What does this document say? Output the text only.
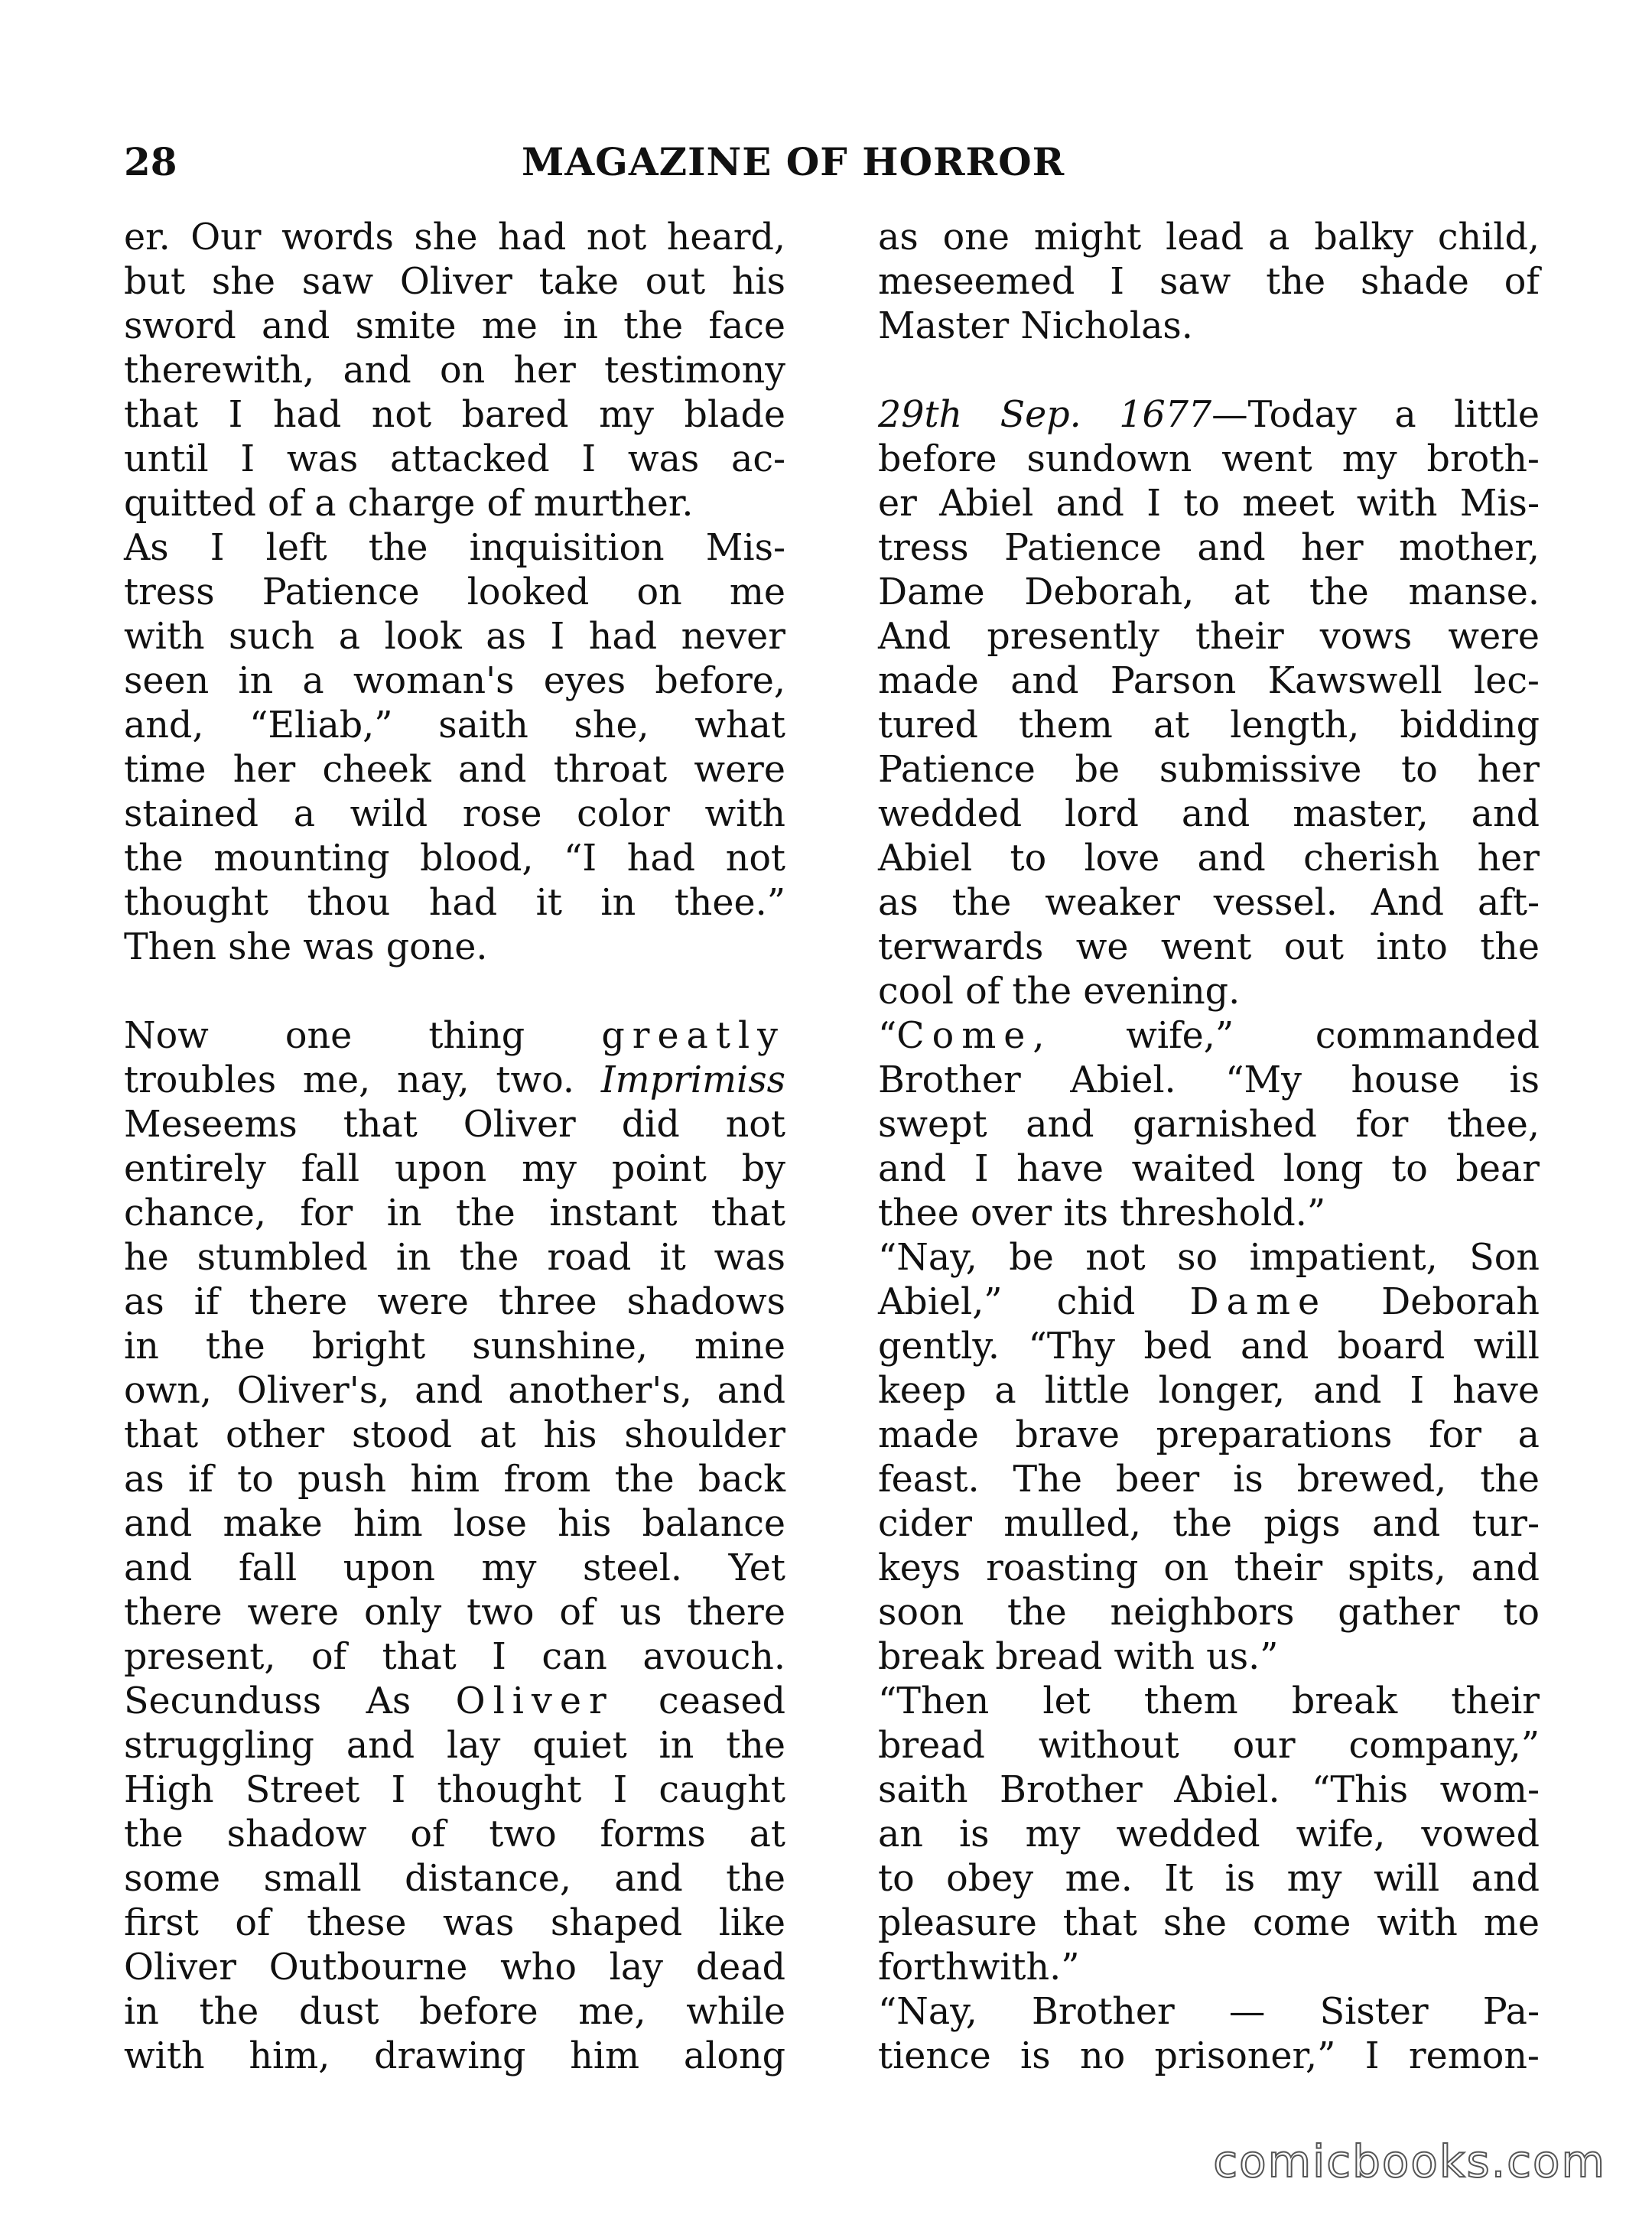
28	MAGAZINE OF HORROR
er. Our words she had not heard,
but she saw Oliver take out his
sword and smite me in the face
therewith, and on her testimony
that I had not bared my blade
until I was attacked I was ac-
quitted of a charge of murther.
As I left the inquisition Mis-
tress Patience looked on me
with such a look as I had never
seen in a woman's eyes before,
and, “Eliab,” saith she, what
time her cheek and throat were
stained a wild rose color with
the mounting blood, “I had not
thought thou had it in thee.”
Then she was gone.
Now one thing greatly
troubles me, nay, two. Imprimiss
Meseems that Oliver did not
entirely fall upon my point by
chance, for in the instant that
he stumbled in the road it was
as if there were three shadows
in the bright sunshine, mine
own, Oliver's, and another's, and
that other stood at his shoulder
as if to push him from the back
and make him lose his balance
and fall upon my steel. Yet
there were only two of us there
present, of that I can avouch.
Secunduss As Oliver ceased
struggling and lay quiet in the
High Street I thought I caught
the shadow of two forms at
some small distance, and the
first of these was shaped like
Oliver Outbourne who lay dead
in the dust before me, while
with him, drawing him along
as one might lead a balky child,
meseemed I saw the shade of
Master Nicholas.
29th Sep. 1677—Today a little
before sundown went my broth-
er Abiel and I to meet with Mis-
tress Patience and her mother,
Dame Deborah, at the manse.
And presently their vows were
made and Parson Kawswell lec-
tured them at length, bidding
Patience be submissive to her
wedded lord and master, and
Abiel to love and cherish her
as the weaker vessel. And aft-
terwards we went out into the
cool of the evening.
“Come, wife,” commanded
Brother Abiel. “My house is
swept and garnished for thee,
and I have waited long to bear
thee over its threshold.”
“Nay, be not so impatient, Son
Abiel,” chid Dame Deborah
gently. “Thy bed and board will
keep a little longer, and I have
made brave preparations for a
feast. The beer is brewed, the
cider mulled, the pigs and tur-
keys roasting on their spits, and
soon the neighbors gather to
break bread with us.”
“Then let them break their
bread without our company,”
saith Brother Abiel. “This wom-
an is my wedded wife, vowed
to obey me. It is my will and
pleasure that she come with me
forthwith.”
“Nay, Brother — Sister Pa-
tience is no prisoner,” I remon-
comicbooks.com
